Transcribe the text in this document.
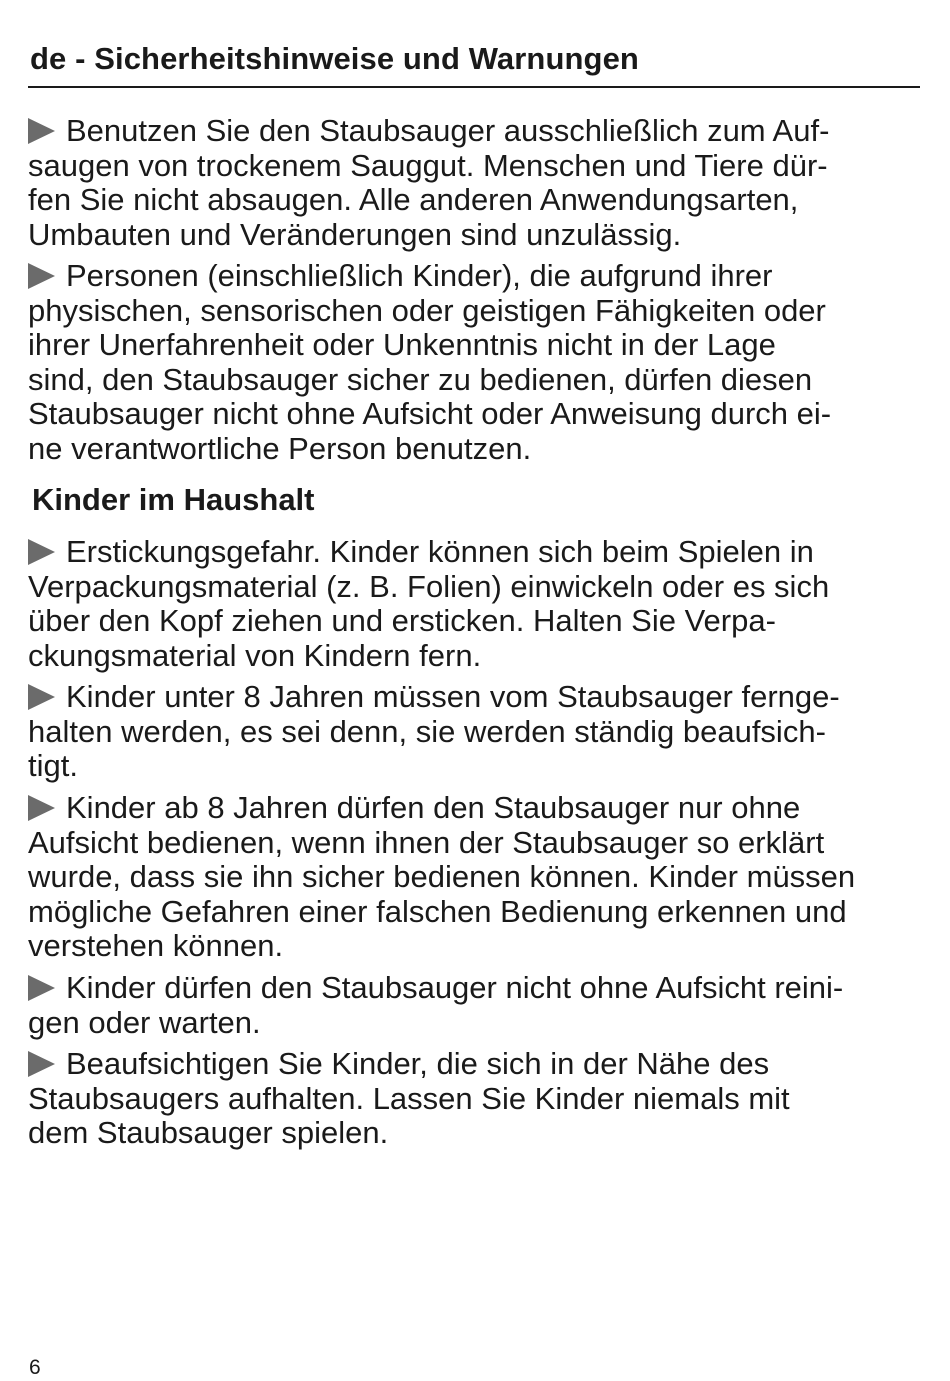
de - Sicherheitshinweise und Warnungen
Benutzen Sie den Staubsauger ausschließlich zum Auf-
saugen von trockenem Sauggut. Menschen und Tiere dür-
fen Sie nicht absaugen. Alle anderen Anwendungsarten,
Umbauten und Veränderungen sind unzulässig.
Personen (einschließlich Kinder), die aufgrund ihrer
physischen, sensorischen oder geistigen Fähigkeiten oder
ihrer Unerfahrenheit oder Unkenntnis nicht in der Lage
sind, den Staubsauger sicher zu bedienen, dürfen diesen
Staubsauger nicht ohne Aufsicht oder Anweisung durch ei-
ne verantwortliche Person benutzen.
Kinder im Haushalt
Erstickungsgefahr. Kinder können sich beim Spielen in
Verpackungsmaterial (z. B. Folien) einwickeln oder es sich
über den Kopf ziehen und ersticken. Halten Sie Verpa-
ckungsmaterial von Kindern fern.
Kinder unter 8 Jahren müssen vom Staubsauger fernge-
halten werden, es sei denn, sie werden ständig beaufsich-
tigt.
Kinder ab 8 Jahren dürfen den Staubsauger nur ohne
Aufsicht bedienen, wenn ihnen der Staubsauger so erklärt
wurde, dass sie ihn sicher bedienen können. Kinder müssen
mögliche Gefahren einer falschen Bedienung erkennen und
verstehen können.
Kinder dürfen den Staubsauger nicht ohne Aufsicht reini-
gen oder warten.
Beaufsichtigen Sie Kinder, die sich in der Nähe des
Staubsaugers aufhalten. Lassen Sie Kinder niemals mit
dem Staubsauger spielen.
6
